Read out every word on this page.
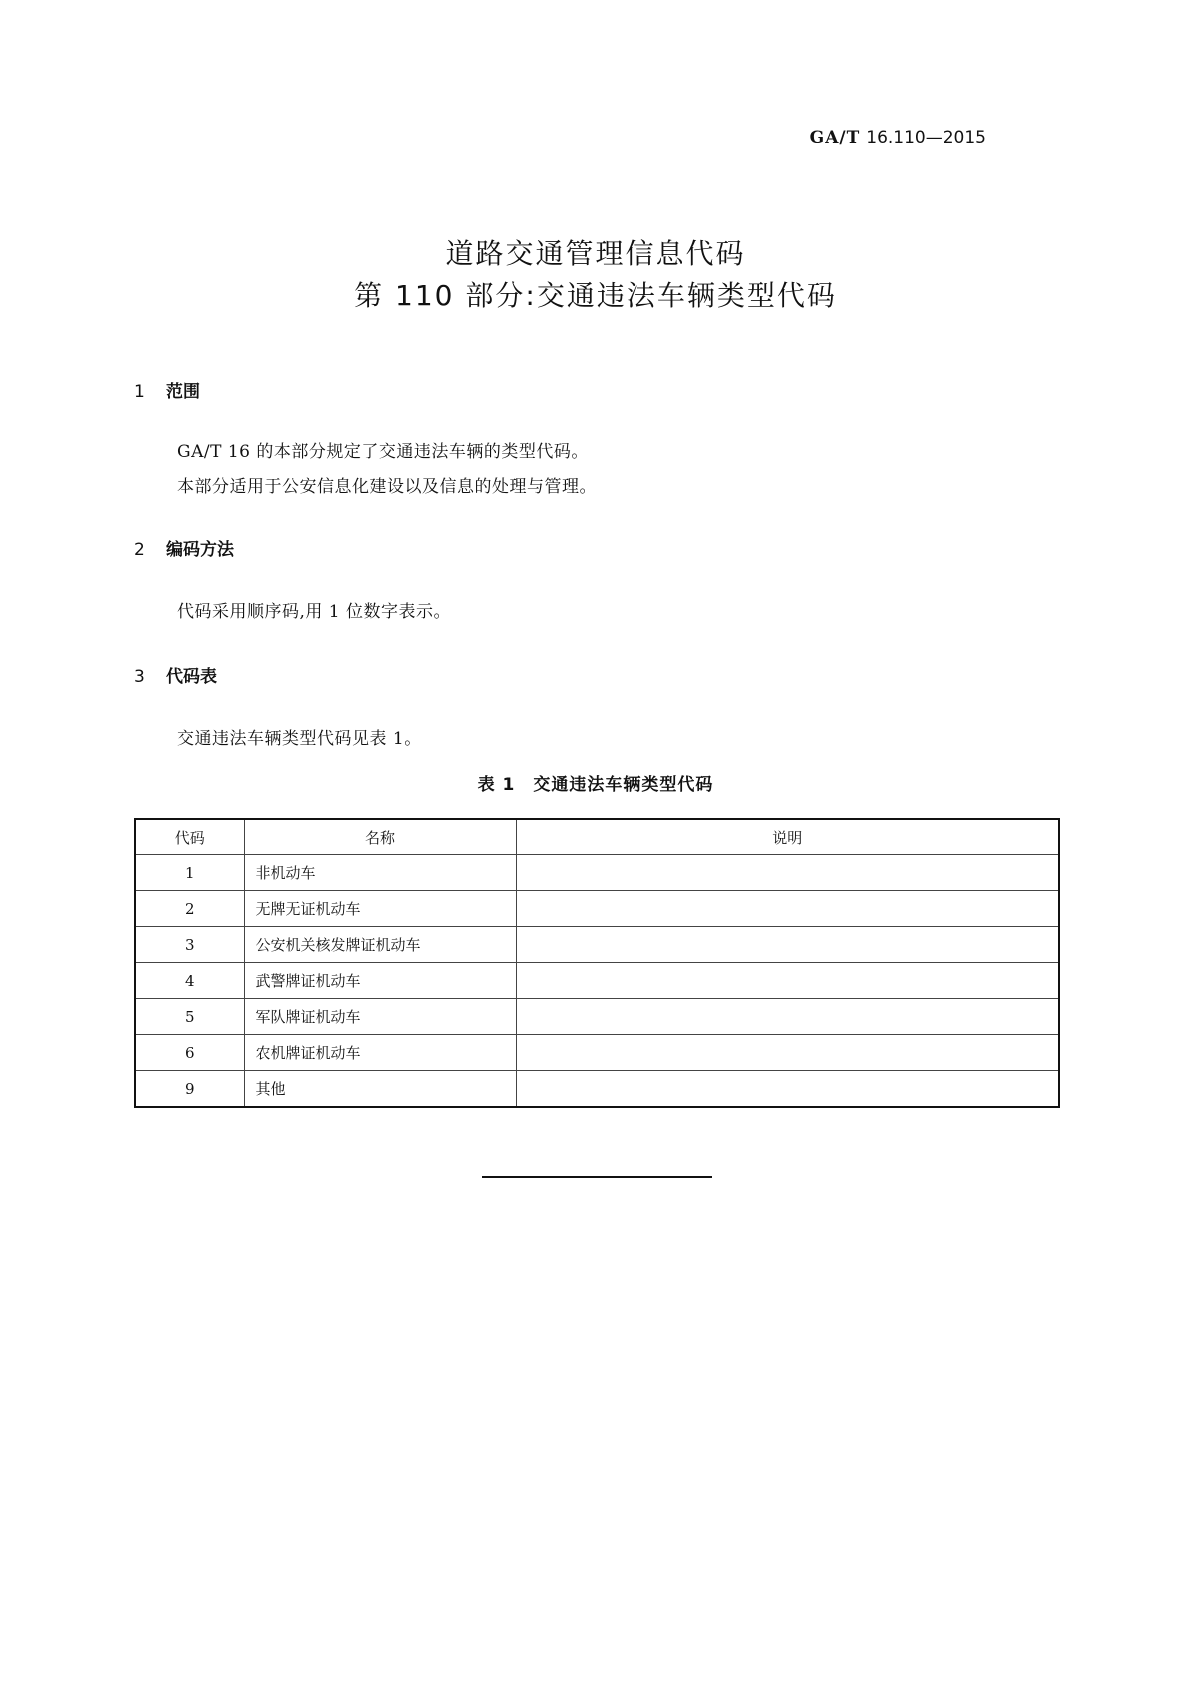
GA/T 16.110—2015
道路交通管理信息代码
第 110 部分:交通违法车辆类型代码
1 范围
GA/T 16 的本部分规定了交通违法车辆的类型代码。
本部分适用于公安信息化建设以及信息的处理与管理。
2 编码方法
代码采用顺序码,用 1 位数字表示。
3 代码表
交通违法车辆类型代码见表 1。
表 1　交通违法车辆类型代码
代码	名称	说明
1	非机动车	
2	无牌无证机动车	
3	公安机关核发牌证机动车	
4	武警牌证机动车	
5	军队牌证机动车	
6	农机牌证机动车	
9	其他	
